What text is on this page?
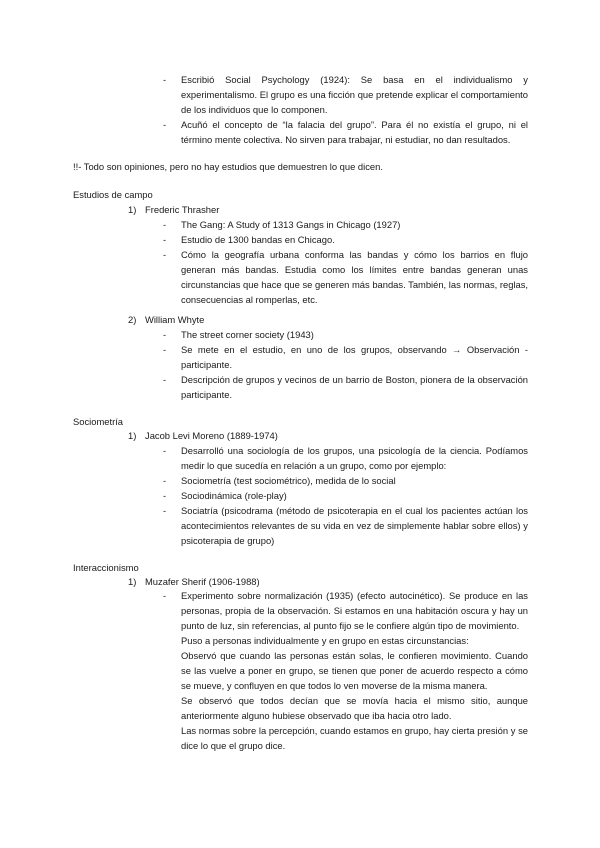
-	Escribió Social Psychology (1924): Se basa en el individualismo y experimentalismo. El grupo es una ficción que pretende explicar el comportamiento de los individuos que lo componen.
-	Acuñó el concepto de “la falacia del grupo”. Para él no existía el grupo, ni el término mente colectiva. No sirven para trabajar, ni estudiar, no dan resultados.
!!- Todo son opiniones, pero no hay estudios que demuestren lo que dicen.
Estudios de campo
1) Frederic Thrasher
-	The Gang: A Study of 1313 Gangs in Chicago (1927)
-	Estudio de 1300 bandas en Chicago.
-	Cómo la geografía urbana conforma las bandas y cómo los barrios en flujo generan más bandas. Estudia como los límites entre bandas generan unas circunstancias que hace que se generen más bandas. También, las normas, reglas, consecuencias al romperlas, etc.
2) William Whyte
-	The street corner society (1943)
-	Se mete en el estudio, en uno de los grupos, observando → Observación - participante.
-	Descripción de grupos y vecinos de un barrio de Boston, pionera de la observación participante.
Sociometría
1) Jacob Levi Moreno (1889-1974)
-	Desarrolló una sociología de los grupos, una psicología de la ciencia. Podíamos medir lo que sucedía en relación a un grupo, como por ejemplo:
-	Sociometría (test sociométrico), medida de lo social
-	Sociodinámica (role-play)
-	Sociatría (psicodrama (método de psicoterapia en el cual los pacientes actúan los acontecimientos relevantes de su vida en vez de simplemente hablar sobre ellos) y psicoterapia de grupo)
Interaccionismo
1) Muzafer Sherif (1906-1988)
-	Experimento sobre normalización (1935) (efecto autocinético). Se produce en las personas, propia de la observación. Si estamos en una habitación oscura y hay un punto de luz, sin referencias, al punto fijo se le confiere algún tipo de movimiento.
Puso a personas individualmente y en grupo en estas circunstancias:
Observó que cuando las personas están solas, le confieren movimiento. Cuando se las vuelve a poner en grupo, se tienen que poner de acuerdo respecto a cómo se mueve, y confluyen en que todos lo ven moverse de la misma manera.
Se observó que todos decían que se movía hacia el mismo sitio, aunque anteriormente alguno hubiese observado que iba hacia otro lado.
Las normas sobre la percepción, cuando estamos en grupo, hay cierta presión y se dice lo que el grupo dice.
